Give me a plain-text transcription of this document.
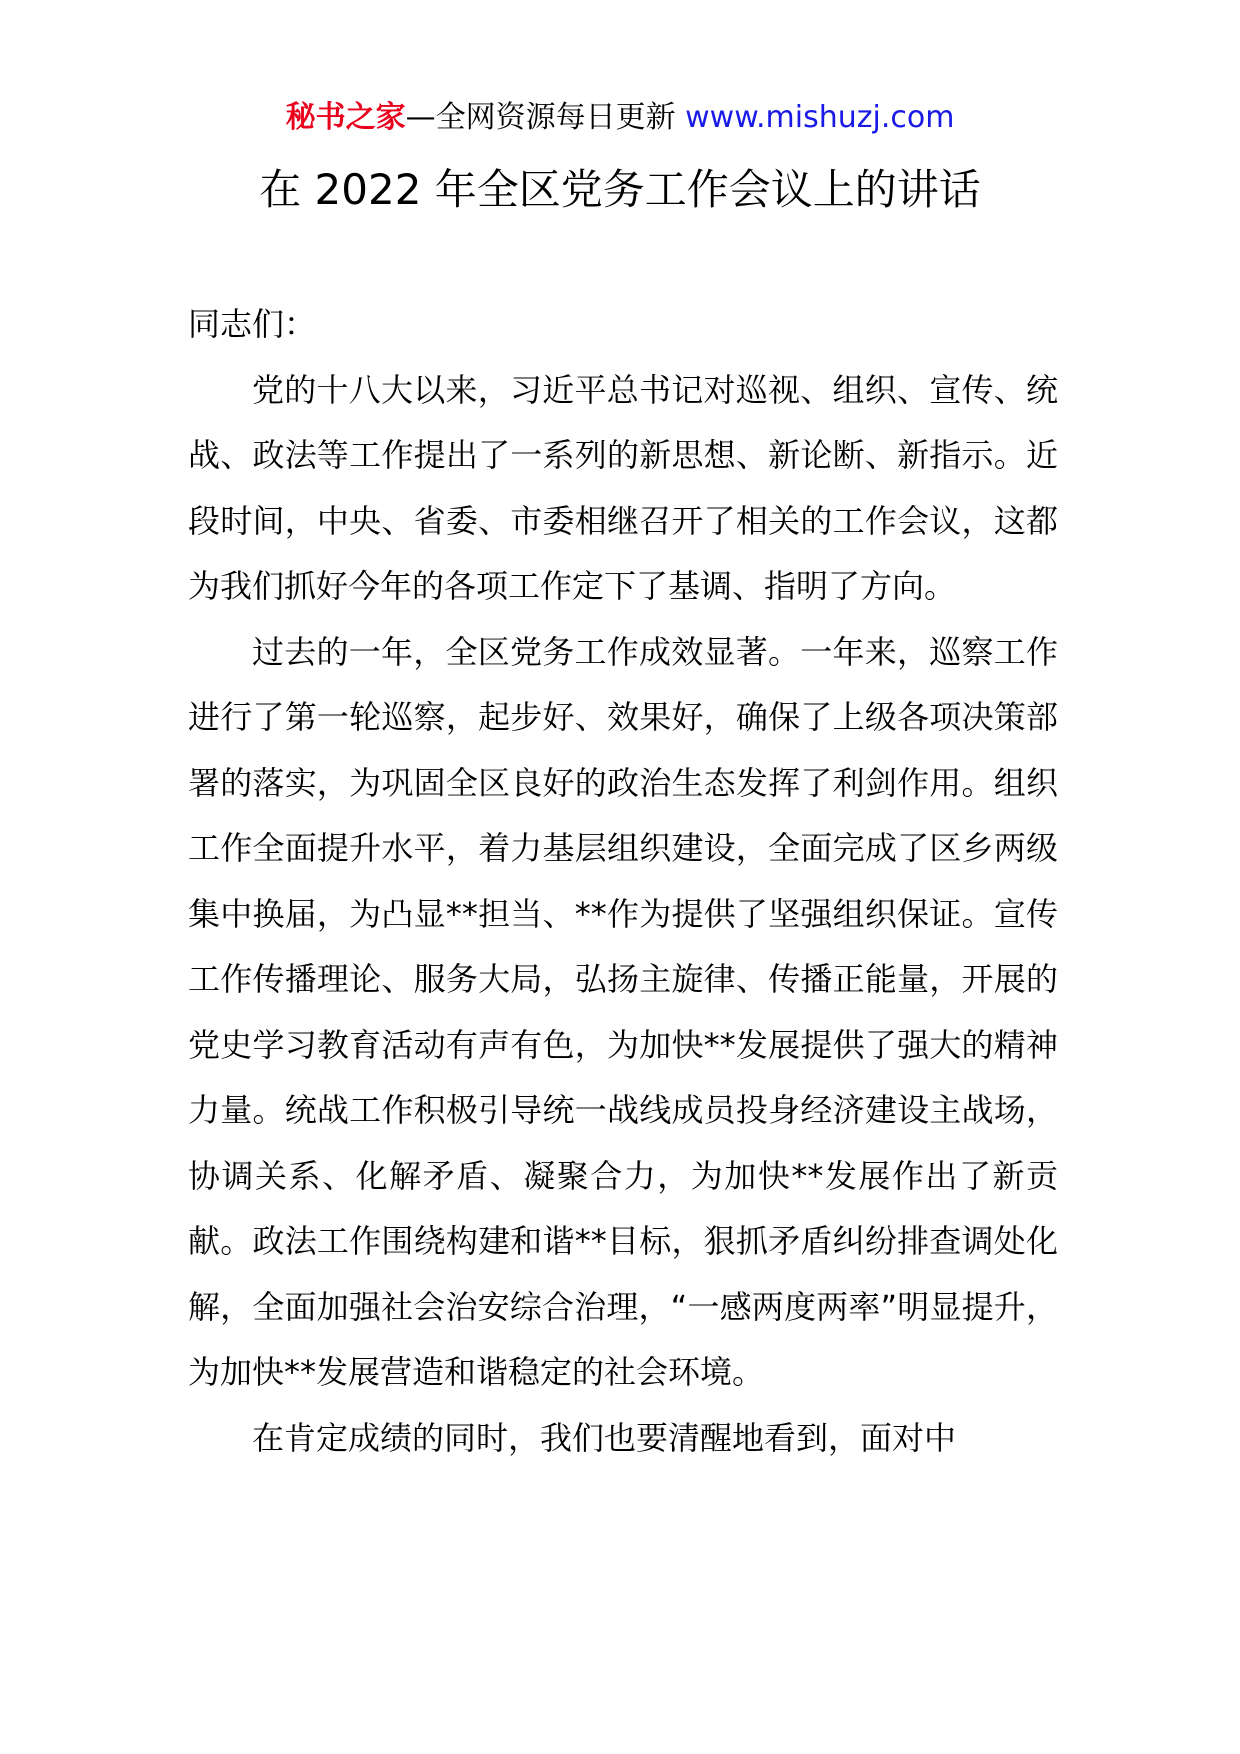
秘书之家—全网资源每日更新 www.mishuzj.com
在 2022 年全区党务工作会议上的讲话

同志们：

党的十八大以来，习近平总书记对巡视、组织、宣传、统战、政法等工作提出了一系列的新思想、新论断、新指示。近段时间，中央、省委、市委相继召开了相关的工作会议，这都为我们抓好今年的各项工作定下了基调、指明了方向。

过去的一年，全区党务工作成效显著。一年来，巡察工作进行了第一轮巡察，起步好、效果好，确保了上级各项决策部署的落实，为巩固全区良好的政治生态发挥了利剑作用。组织工作全面提升水平，着力基层组织建设，全面完成了区乡两级集中换届，为凸显**担当、**作为提供了坚强组织保证。宣传工作传播理论、服务大局，弘扬主旋律、传播正能量，开展的党史学习教育活动有声有色，为加快**发展提供了强大的精神力量。统战工作积极引导统一战线成员投身经济建设主战场，协调关系、化解矛盾、凝聚合力，为加快**发展作出了新贡献。政法工作围绕构建和谐**目标，狠抓矛盾纠纷排查调处化解，全面加强社会治安综合治理，“一感两度两率”明显提升，为加快**发展营造和谐稳定的社会环境。

在肯定成绩的同时，我们也要清醒地看到，面对中
